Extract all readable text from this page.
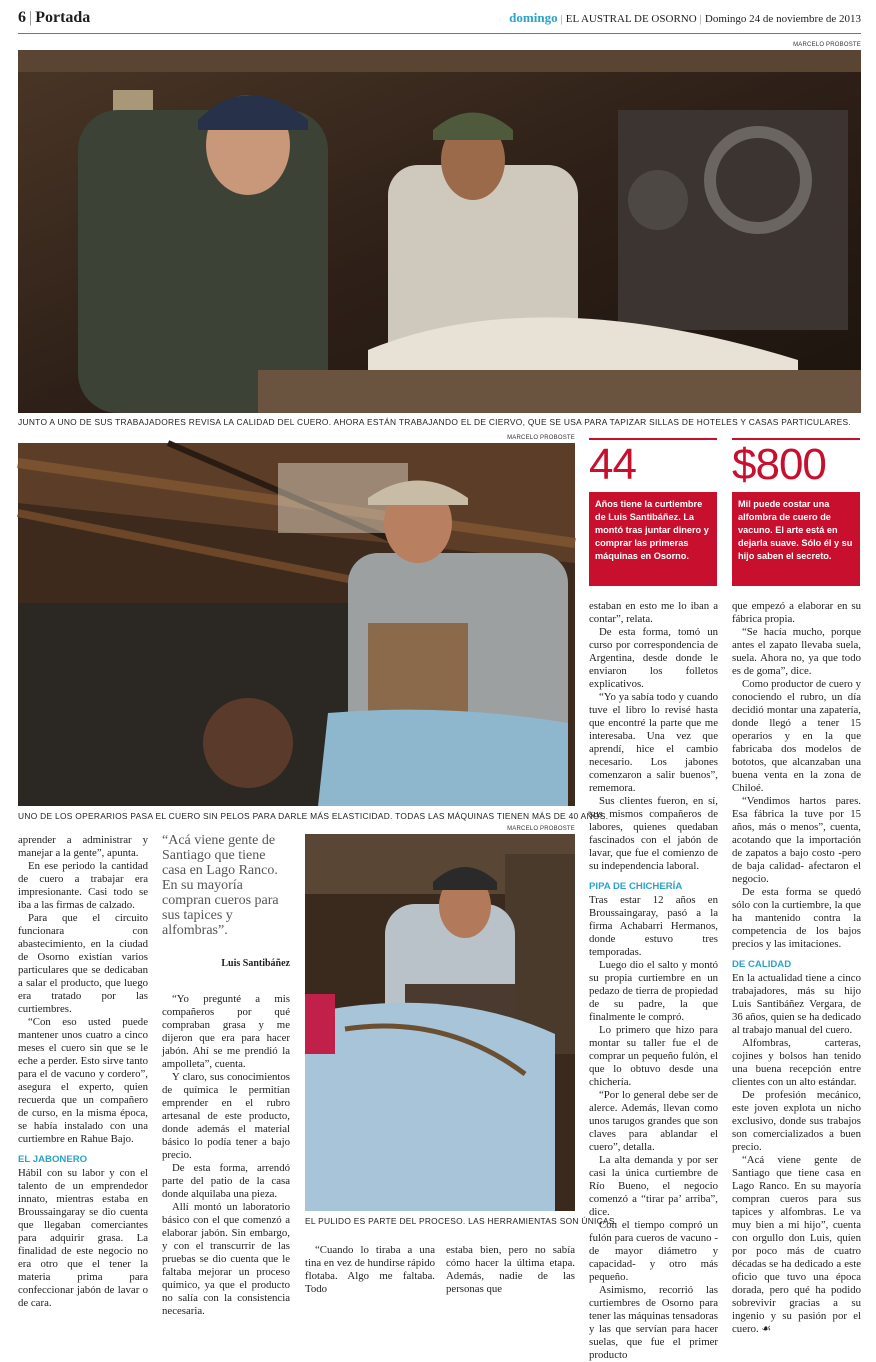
6 | Portada	domingo | EL AUSTRAL DE OSORNO | Domingo 24 de noviembre de 2013
MARCELO PROBOSTE
JUNTO A UNO DE SUS TRABAJADORES REVISA LA CALIDAD DEL CUERO. AHORA ESTÁN TRABAJANDO EL DE CIERVO, QUE SE USA PARA TAPIZAR SILLAS DE HOTELES Y CASAS PARTICULARES.
MARCELO PROBOSTE
UNO DE LOS OPERARIOS PASA EL CUERO SIN PELOS PARA DARLE MÁS ELASTICIDAD. TODAS LAS MÁQUINAS TIENEN MÁS DE 40 AÑOS.
44
Años tiene la curtiembre de Luis Santibáñez. La montó tras juntar dinero y comprar las primeras máquinas en Osorno.
$800
Mil puede costar una alfombra de cuero de vacuno. El arte está en dejarla suave. Sólo él y su hijo saben el secreto.
MARCELO PROBOSTE
EL PULIDO ES PARTE DEL PROCESO. LAS HERRAMIENTAS SON ÚNICAS.
“Acá viene gente de Santiago que tiene casa en Lago Ranco. En su mayoría compran cueros para sus tapices y alfombras”.
Luis Santibáñez

aprender a administrar y manejar a la gente”, apunta.

En ese periodo la cantidad de cuero a trabajar era impresionante. Casi todo se iba a las firmas de calzado.

Para que el circuito funcionara con abastecimiento, en la ciudad de Osorno existían varios particulares que se dedicaban a salar el producto, que luego era tratado por las curtiembres.

“Con eso usted puede mantener unos cuatro a cinco meses el cuero sin que se le eche a perder. Esto sirve tanto para el de vacuno y cordero”, asegura el experto, quien recuerda que un compañero de curso, en la misma época, se había instalado con una curtiembre en Rahue Bajo.

EL JABONERO

Hábil con su labor y con el talento de un emprendedor innato, mientras estaba en Broussaingaray se dio cuenta que llegaban comerciantes para adquirir grasa. La finalidad de este negocio no era otro que el tener la materia prima para confeccionar jabón de lavar o de cara.

“Yo pregunté a mis compañeros por qué compraban grasa y me dijeron que era para hacer jabón. Ahí se me prendió la ampolleta”, cuenta.

Y claro, sus conocimientos de química le permitían emprender en el rubro artesanal de este producto, donde además el material básico lo podía tener a bajo precio.

De esta forma, arrendó parte del patio de la casa donde alquilaba una pieza.

Allí montó un laboratorio básico con el que comenzó a elaborar jabón. Sin embargo, y con el transcurrir de las pruebas se dio cuenta que le faltaba mejorar un proceso químico, ya que el producto no salía con la consistencia necesaria.

“Cuando lo tiraba a una tina en vez de hundirse rápido flotaba. Algo me faltaba. Todo

estaba bien, pero no sabía cómo hacer la última etapa. Además, nadie de las personas que

estaban en esto me lo iban a contar”, relata.

De esta forma, tomó un curso por correspondencia de Argentina, desde donde le enviaron los folletos explicativos.

“Yo ya sabía todo y cuando tuve el libro lo revisé hasta que encontré la parte que me interesaba. Una vez que aprendí, hice el cambio necesario. Los jabones comenzaron a salir buenos”, rememora.

Sus clientes fueron, en sí, sus mismos compañeros de labores, quienes quedaban fascinados con el jabón de lavar, que fue el comienzo de su independencia laboral.

PIPA DE CHICHERÍA

Tras estar 12 años en Broussaingaray, pasó a la firma Achabarri Hermanos, donde estuvo tres temporadas.

Luego dio el salto y montó su propia curtiembre en un pedazo de tierra de propiedad de su padre, la que finalmente le compró.

Lo primero que hizo para montar su taller fue el de comprar un pequeño fulón, el que lo obtuvo desde una chichería.

“Por lo general debe ser de alerce. Además, llevan como unos tarugos grandes que son claves para ablandar el cuero”, detalla.

La alta demanda y por ser casi la única curtiembre de Río Bueno, el negocio comenzó a “tirar pa’ arriba”, dice.

Con el tiempo compró un fulón para cueros de vacuno -de mayor diámetro y capacidad- y otro más pequeño.

Asimismo, recorrió las curtiembres de Osorno para tener las máquinas tensadoras y las que servían para hacer suelas, que fue el primer producto

que empezó a elaborar en su fábrica propia.

“Se hacía mucho, porque antes el zapato llevaba suela, suela. Ahora no, ya que todo es de goma”, dice.

Como productor de cuero y conociendo el rubro, un día decidió montar una zapatería, donde llegó a tener 15 operarios y en la que fabricaba dos modelos de bototos, que alcanzaban una buena venta en la zona de Chiloé.

“Vendimos hartos pares. Esa fábrica la tuve por 15 años, más o menos”, cuenta, acotando que la importación de zapatos a bajo costo -pero de baja calidad- afectaron el negocio.

De esta forma se quedó sólo con la curtiembre, la que ha mantenido contra la competencia de los bajos precios y las imitaciones.

DE CALIDAD

En la actualidad tiene a cinco trabajadores, más su hijo Luis Santibáñez Vergara, de 36 años, quien se ha dedicado al trabajo manual del cuero.

Alfombras, carteras, cojines y bolsos han tenido una buena recepción entre clientes con un alto estándar.

De profesión mecánico, este joven explota un nicho exclusivo, donde sus trabajos son comercializados a buen precio.

“Acá viene gente de Santiago que tiene casa en Lago Ranco. En su mayoría compran cueros para sus tapices y alfombras. Le va muy bien a mi hijo”, cuenta con orgullo don Luis, quien por poco más de cuatro décadas se ha dedicado a este oficio que tuvo una época dorada, pero qué ha podido sobrevivir gracias a su ingenio y su pasión por el cuero. ☙
